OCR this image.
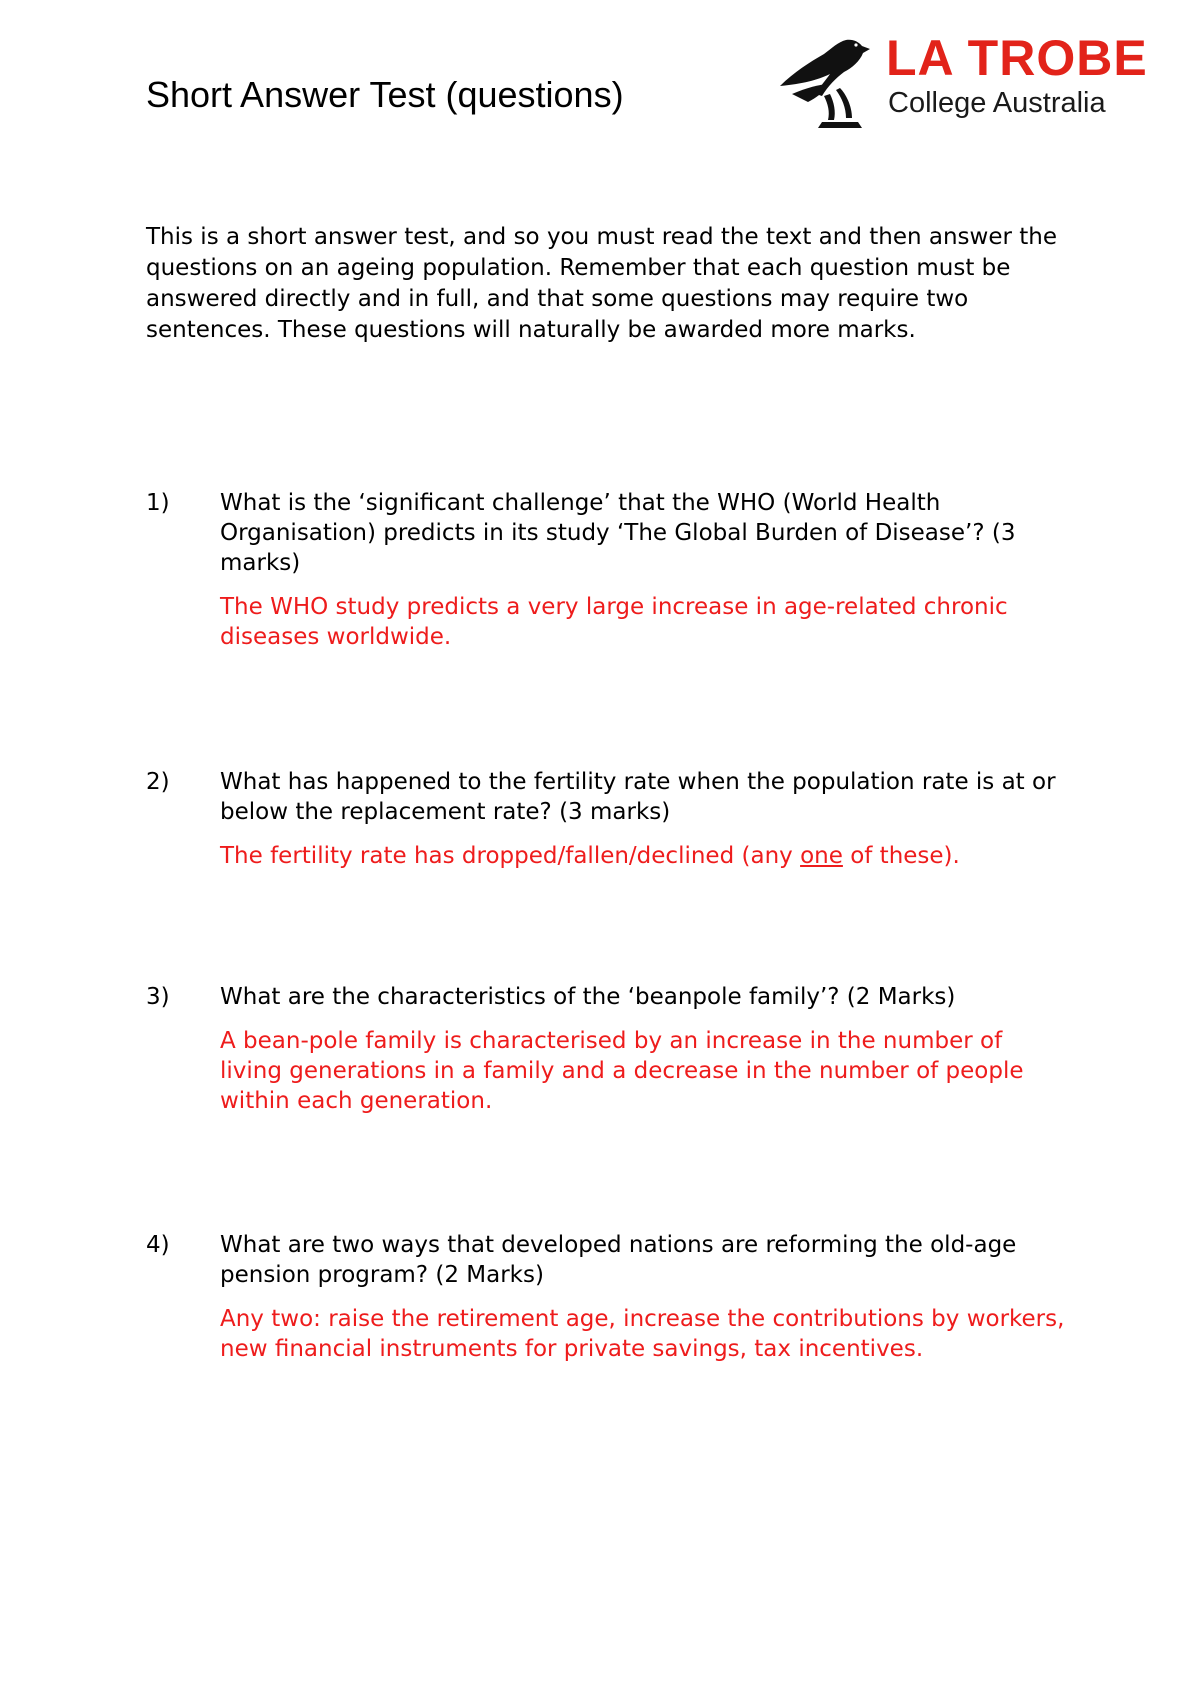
Short Answer Test (questions)
LA TROBE
College Australia

This is a short answer test, and so you must read the text and then answer the questions on an ageing population. Remember that each question must be answered directly and in full, and that some questions may require two sentences. These questions will naturally be awarded more marks.

1) What is the ‘significant challenge’ that the WHO (World Health Organisation) predicts in its study ‘The Global Burden of Disease’? (3 marks)

The WHO study predicts a very large increase in age-related chronic diseases worldwide.

2) What has happened to the fertility rate when the population rate is at or below the replacement rate? (3 marks)

The fertility rate has dropped/fallen/declined (any one of these).

3) What are the characteristics of the ‘beanpole family’? (2 Marks)

A bean-pole family is characterised by an increase in the number of living generations in a family and a decrease in the number of people within each generation.

4) What are two ways that developed nations are reforming the old-age pension program? (2 Marks)

Any two: raise the retirement age, increase the contributions by workers, new financial instruments for private savings, tax incentives.
